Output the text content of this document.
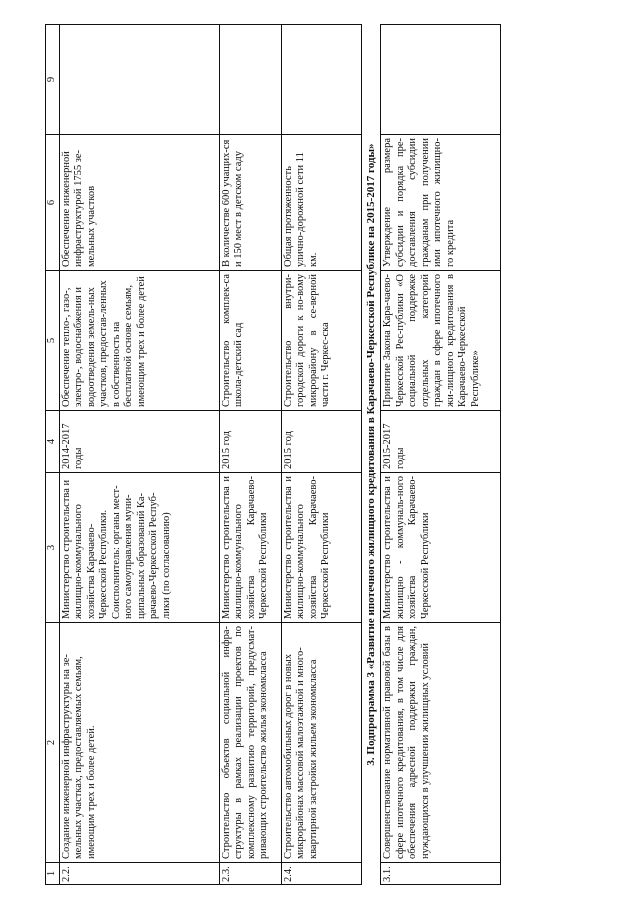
1	2	3	4	5	6	9
2.2.	Создание инженерной инфраструктуры на зе-мельных участках, предоставляемых семьям, имеющим трех и более детей.	Министерство строительства и жилищно-коммунального хозяйства Карачаево-Черкесской Республики. Соисполнитель: органы мест-ного самоуправления муни-ципальных образований Ка-рачаево-Черкесской Респуб-лики (по согласованию)	2014-2017 годы	Обеспечение тепло-, газо-, электро-, водоснабжения и водоотведения земель-ных участков, предостав-ленных в собственность на бесплатной основе семьям, имеющим трех и более детей	Обеспечение инженерной инфраструктурой 1755 зе-мельных участков	
2.3.	Строительство объектов социальной инфра-структуры в рамках реализации проектов по комплексному развитию территорий, предусмат-ривающих строительство жилья экономкласса	Министерство строительства и жилищно-коммунального хозяйства Карачаево-Черкесской Республики	2015 год	Строительство комплек-са школа-детский сад	В количестве 600 учащих-ся и 150 мест в детском саду	
2.4.	Строительство автомобильных дорог в новых микрорайонах массовой малоэтажной и много-квартирной застройки жильем экономкласса	Министерство строительства и жилищно-коммунального хозяйства Карачаево-Черкесской Республики	2015 год	Строительство внутри-городской дороги к но-вому микрорайону в се-верной части г. Черкес-ска	Общая протяженность улично-дорожной сети 11 км.	
3. Подпрограмма 3 «Развитие ипотечного жилищного кредитования в Карачаево-Черкесской Республике на 2015-2017 годы»						
3.1.	Совершенствование нормативной правовой базы в сфере ипотечного кредитования, в том числе для обеспечения адресной поддержки граждан, нуждающихся в улучшении жилищных условий	Министерство строительства и жилищно - коммуналь-ного хозяйства Карачаево-Черкесской Республики	2015-2017 годы	Принятие Закона Кара-чаево-Черкесской Рес-публики «О социальной поддержке отдельных категорий граждан в сфере ипотечного жи-лищного кредитования в Карачаево-Черкесской Республике»	Утверждение размера субсидии и порядка пре-доставления субсидии гражданам при получении ими ипотечного жилищно-го кредита	
